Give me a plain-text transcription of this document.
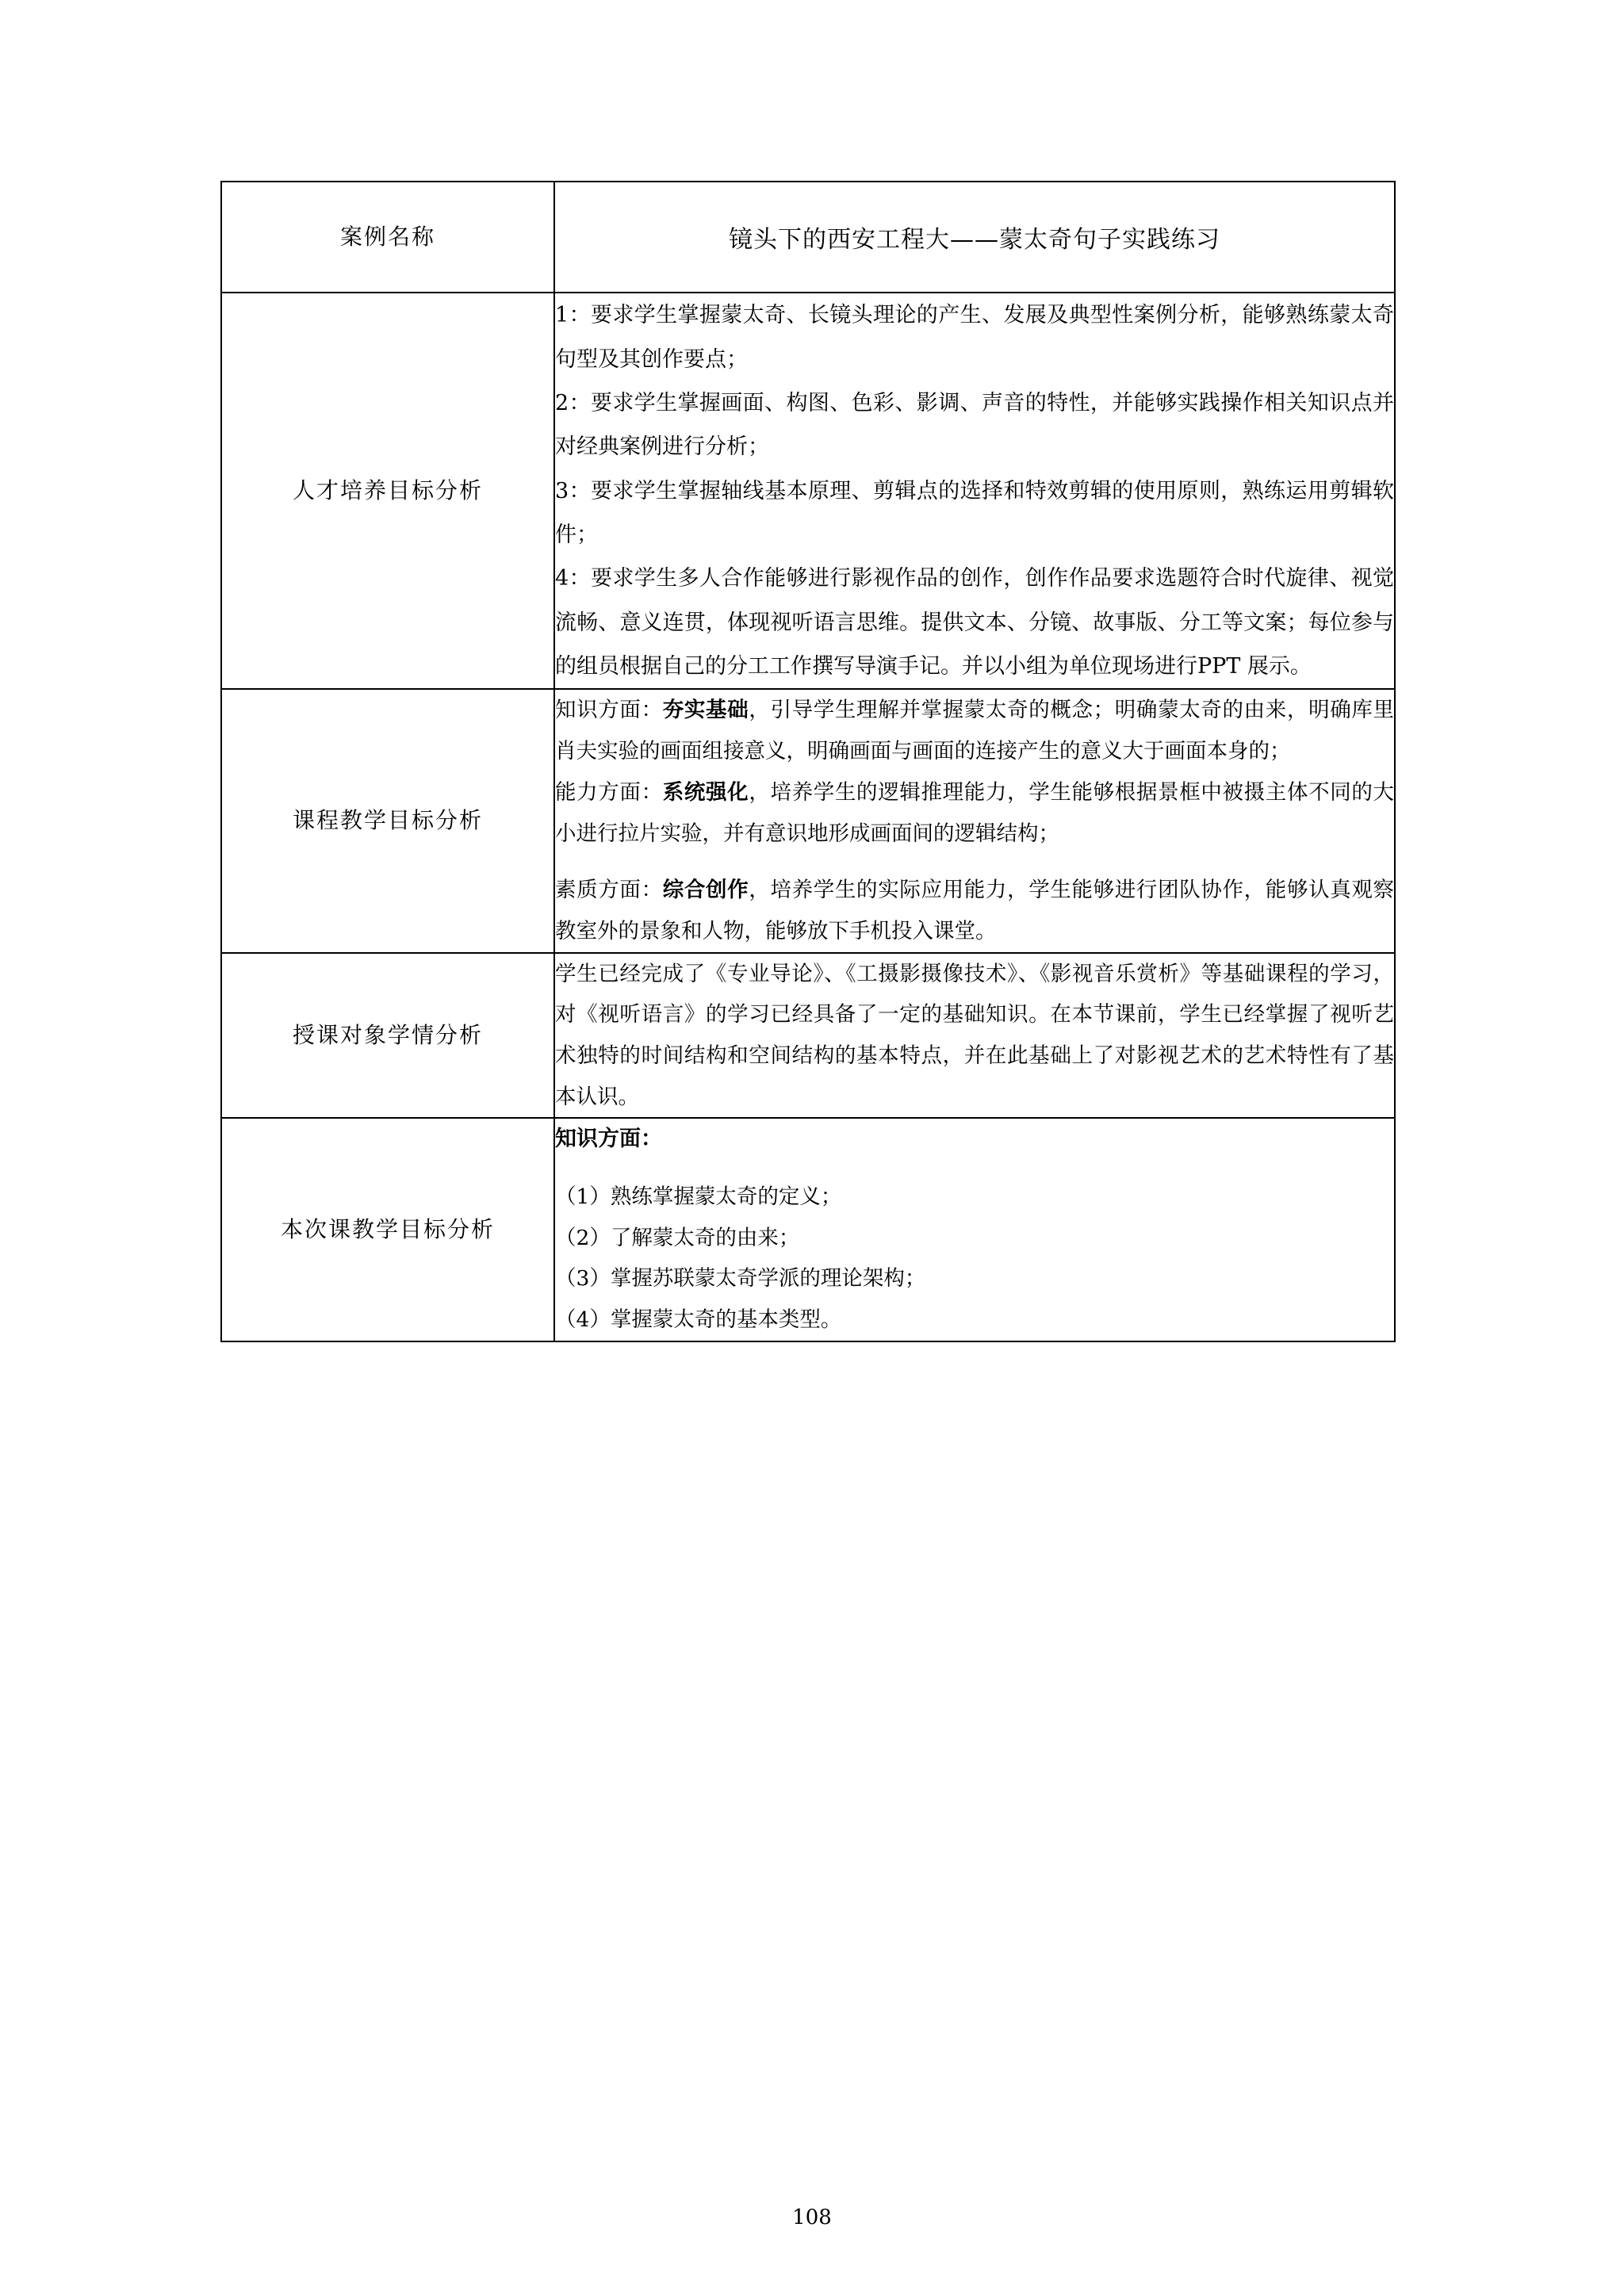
案例名称	镜头下的西安工程大——蒙太奇句子实践练习
人才培养目标分析	1：要求学生掌握蒙太奇、长镜头理论的产生、发展及典型性案例分析，能够熟练蒙太奇句型及其创作要点；

2：要求学生掌握画面、构图、色彩、影调、声音的特性，并能够实践操作相关知识点并对经典案例进行分析；

3：要求学生掌握轴线基本原理、剪辑点的选择和特效剪辑的使用原则，熟练运用剪辑软件；

4：要求学生多人合作能够进行影视作品的创作，创作作品要求选题符合时代旋律、视觉流畅、意义连贯，体现视听语言思维。提供文本、分镜、故事版、分工等文案；每位参与的组员根据自己的分工工作撰写导演手记。并以小组为单位现场进行PPT 展示。

课程教学目标分析	知识方面：夯实基础，引导学生理解并掌握蒙太奇的概念；明确蒙太奇的由来，明确库里肖夫实验的画面组接意义，明确画面与画面的连接产生的意义大于画面本身的；

能力方面：系统强化，培养学生的逻辑推理能力，学生能够根据景框中被摄主体不同的大小进行拉片实验，并有意识地形成画面间的逻辑结构；

素质方面：综合创作，培养学生的实际应用能力，学生能够进行团队协作，能够认真观察教室外的景象和人物，能够放下手机投入课堂。

授课对象学情分析	学生已经完成了《专业导论》、《工摄影摄像技术》、《影视音乐赏析》等基础课程的学习，对《视听语言》的学习已经具备了一定的基础知识。在本节课前，学生已经掌握了视听艺术独特的时间结构和空间结构的基本特点，并在此基础上了对影视艺术的艺术特性有了基本认识。

本次课教学目标分析	知识方面：

（1）熟练掌握蒙太奇的定义；

（2）了解蒙太奇的由来；

（3）掌握苏联蒙太奇学派的理论架构；

（4）掌握蒙太奇的基本类型。

108
